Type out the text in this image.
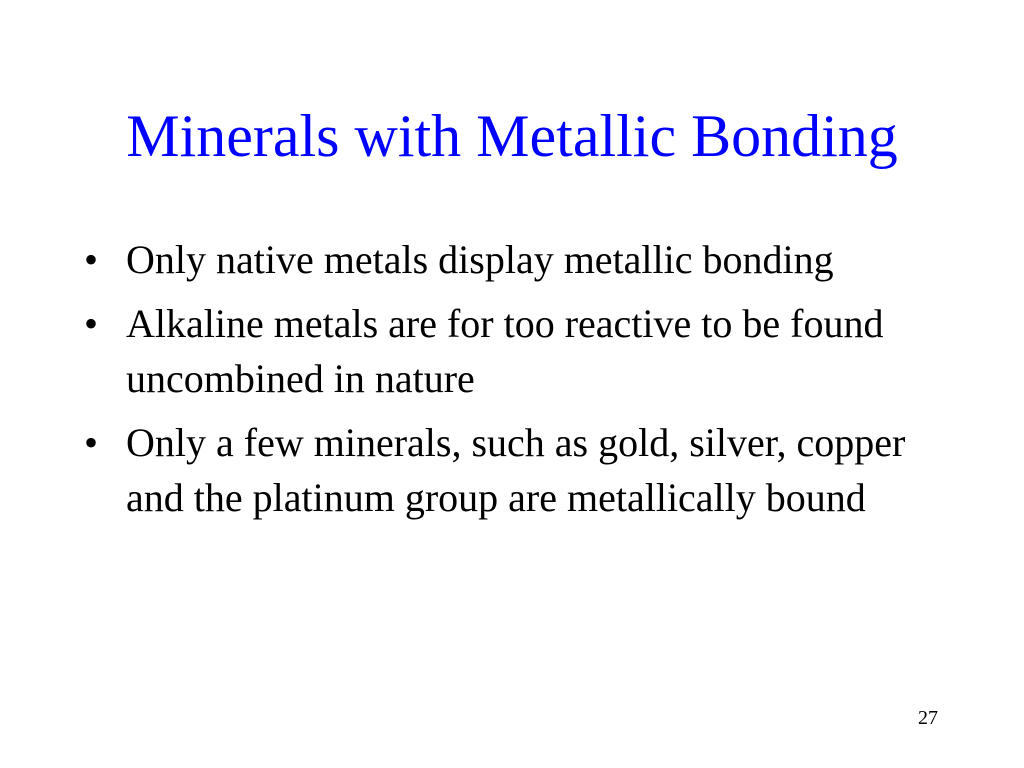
Minerals with Metallic Bonding
• Only native metals display metallic bonding
• Alkaline metals are for too reactive to be found uncombined in nature
• Only a few minerals, such as gold, silver, copper and the platinum group are metallically bound
27
